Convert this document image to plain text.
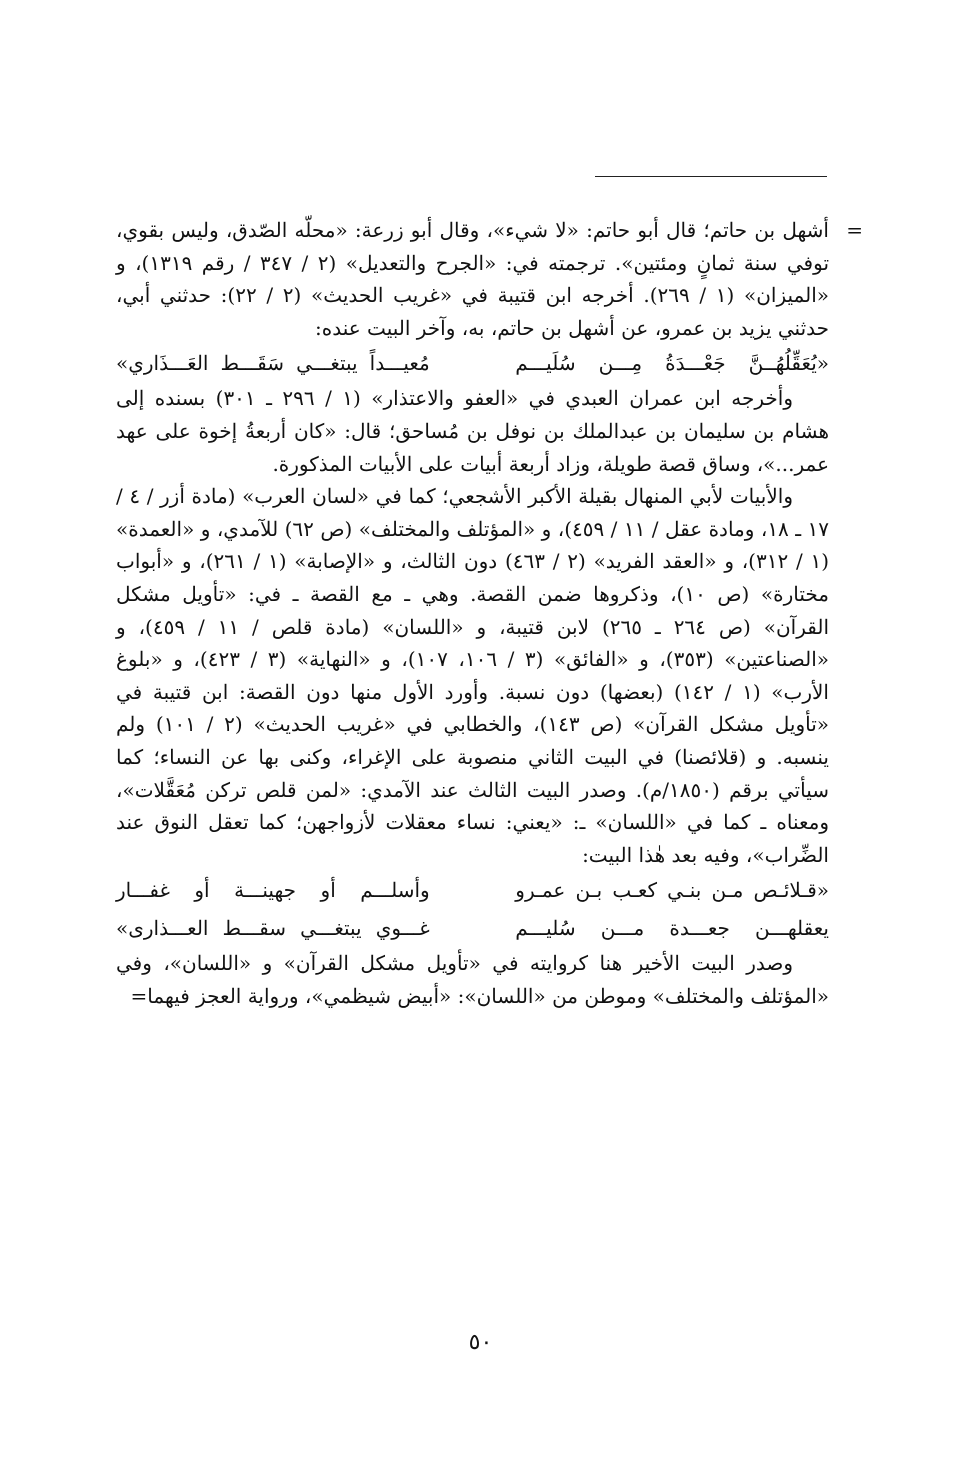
=
أشهل بن حاتم؛ قال أبو حاتم: «لا شيء»، وقال أبو زرعة: «محلّه الصّدق، وليس بقوي، توفي سنة ثمانٍ ومئتين». ترجمته في: «الجرح والتعديل» (٢ / ٣٤٧ / رقم ١٣١٩)، و «الميزان» (١ / ٢٦٩). أخرجه ابن قتيبة في «غريب الحديث» (٢ / ٢٢): حدثني أبي، حدثني يزيد بن عمرو، عن أشهل بن حاتم، به، وآخر البيت عنده:

«يُعَقِّلُهُــنَّ جَعْـــدَةُ مِـــن سُلَيـــم
مُعيـــداً يبتغـــي سَقَـــط العَـــذَاري»

وأخرجه ابن عمران العبدي في «العفو والاعتذار» (١ / ٢٩٦ ـ ٣٠١) بسنده إلى هشام بن سليمان بن عبدالملك بن نوفل بن مُساحق؛ قال: «كان أربعةُ إخوة على عهد عمر...»، وساق قصة طويلة، وزاد أربعة أبيات على الأبيات المذكورة.

والأبيات لأبي المنهال بقيلة الأكبر الأشجعي؛ كما في «لسان العرب» (مادة أزر / ٤ / ١٧ ـ ١٨، ومادة عقل / ١١ / ٤٥٩)، و «المؤتلف والمختلف» (ص ٦٢) للآمدي، و «العمدة» (١ / ٣١٢)، و «العقد الفريد» (٢ / ٤٦٣) دون الثالث، و «الإصابة» (١ / ٢٦١)، و «أبواب مختارة» (ص ١٠)، وذكروها ضمن القصة. وهي ـ مع القصة ـ في: «تأويل مشكل القرآن» (ص ٢٦٤ ـ ٢٦٥) لابن قتيبة، و «اللسان» (مادة قلص / ١١ / ٤٥٩)، و «الصناعتين» (٣٥٣)، و «الفائق» (٣ / ١٠٦، ١٠٧)، و «النهاية» (٣ / ٤٢٣)، و «بلوغ الأرب» (١ / ١٤٢) (بعضها) دون نسبة. وأورد الأول منها دون القصة: ابن قتيبة في «تأويل مشكل القرآن» (ص ١٤٣)، والخطابي في «غريب الحديث» (٢ / ١٠١) ولم ينسبه. و (قلائصنا) في البيت الثاني منصوبة على الإغراء، وكنى بها عن النساء؛ كما سيأتي برقم (١٨٥٠/م). وصدر البيت الثالث عند الآمدي: «لمن قلص تركن مُعَقَّلات»، ومعناه ـ كما في «اللسان» ـ: «يعني: نساء معقلات لأزواجهن؛ كما تعقل النوق عند الضِّراب»، وفيه بعد هٰذا البيت:

«قـلائـص مـن بنـي كعـب بـن عمـرو
وأسلـــم أو جهينـــة أو غفـــار
يعقلهـــن جعـــدة مـــن سُليـــم
غـــوي يبتغـــي سقـــط العـــذارى»

وصدر البيت الأخير هنا كروايته في «تأويل مشكل القرآن» و «اللسان»، وفي «المؤتلف والمختلف» وموطن من «اللسان»: «أبيض شيظمي»، ورواية العجز فيهما=

٥٠
